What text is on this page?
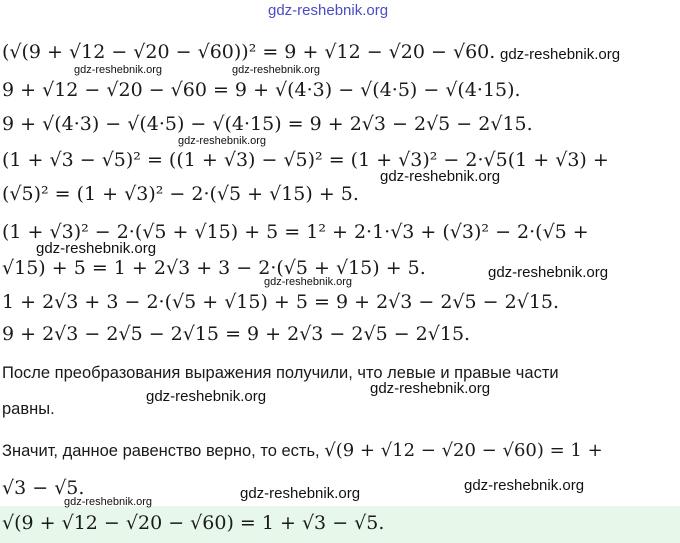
(√(9 + √12 − √20 − √60))² = 9 + √12 − √20 − √60.
9 + √12 − √20 − √60 = 9 + √(4·3) − √(4·5) − √(4·15).
9 + √(4·3) − √(4·5) − √(4·15) = 9 + 2√3 − 2√5 − 2√15.
(1 + √3 − √5)² = ((1 + √3) − √5)² = (1 + √3)² − 2·√5(1 + √3) +
(√5)² = (1 + √3)² − 2·(√5 + √15) + 5.
(1 + √3)² − 2·(√5 + √15) + 5 = 1² + 2·1·√3 + (√3)² − 2·(√5 +
√15) + 5 = 1 + 2√3 + 3 − 2·(√5 + √15) + 5.
1 + 2√3 + 3 − 2·(√5 + √15) + 5 = 9 + 2√3 − 2√5 − 2√15.
9 + 2√3 − 2√5 − 2√15 = 9 + 2√3 − 2√5 − 2√15.
После преобразования выражения получили, что левые и правые части
равны.
Значит, данное равенство верно, то есть, √(9 + √12 − √20 − √60) = 1 +
√3 − √5.
√(9 + √12 − √20 − √60) = 1 + √3 − √5.
gdz-reshebnik.org
gdz-reshebnik.org
gdz-reshebnik.org	gdz-reshebnik.org
gdz-reshebnik.org
gdz-reshebnik.org
gdz-reshebnik.org
gdz-reshebnik.org
gdz-reshebnik.org
gdz-reshebnik.org
gdz-reshebnik.org
gdz-reshebnik.org	gdz-reshebnik.org
gdz-reshebnik.org
